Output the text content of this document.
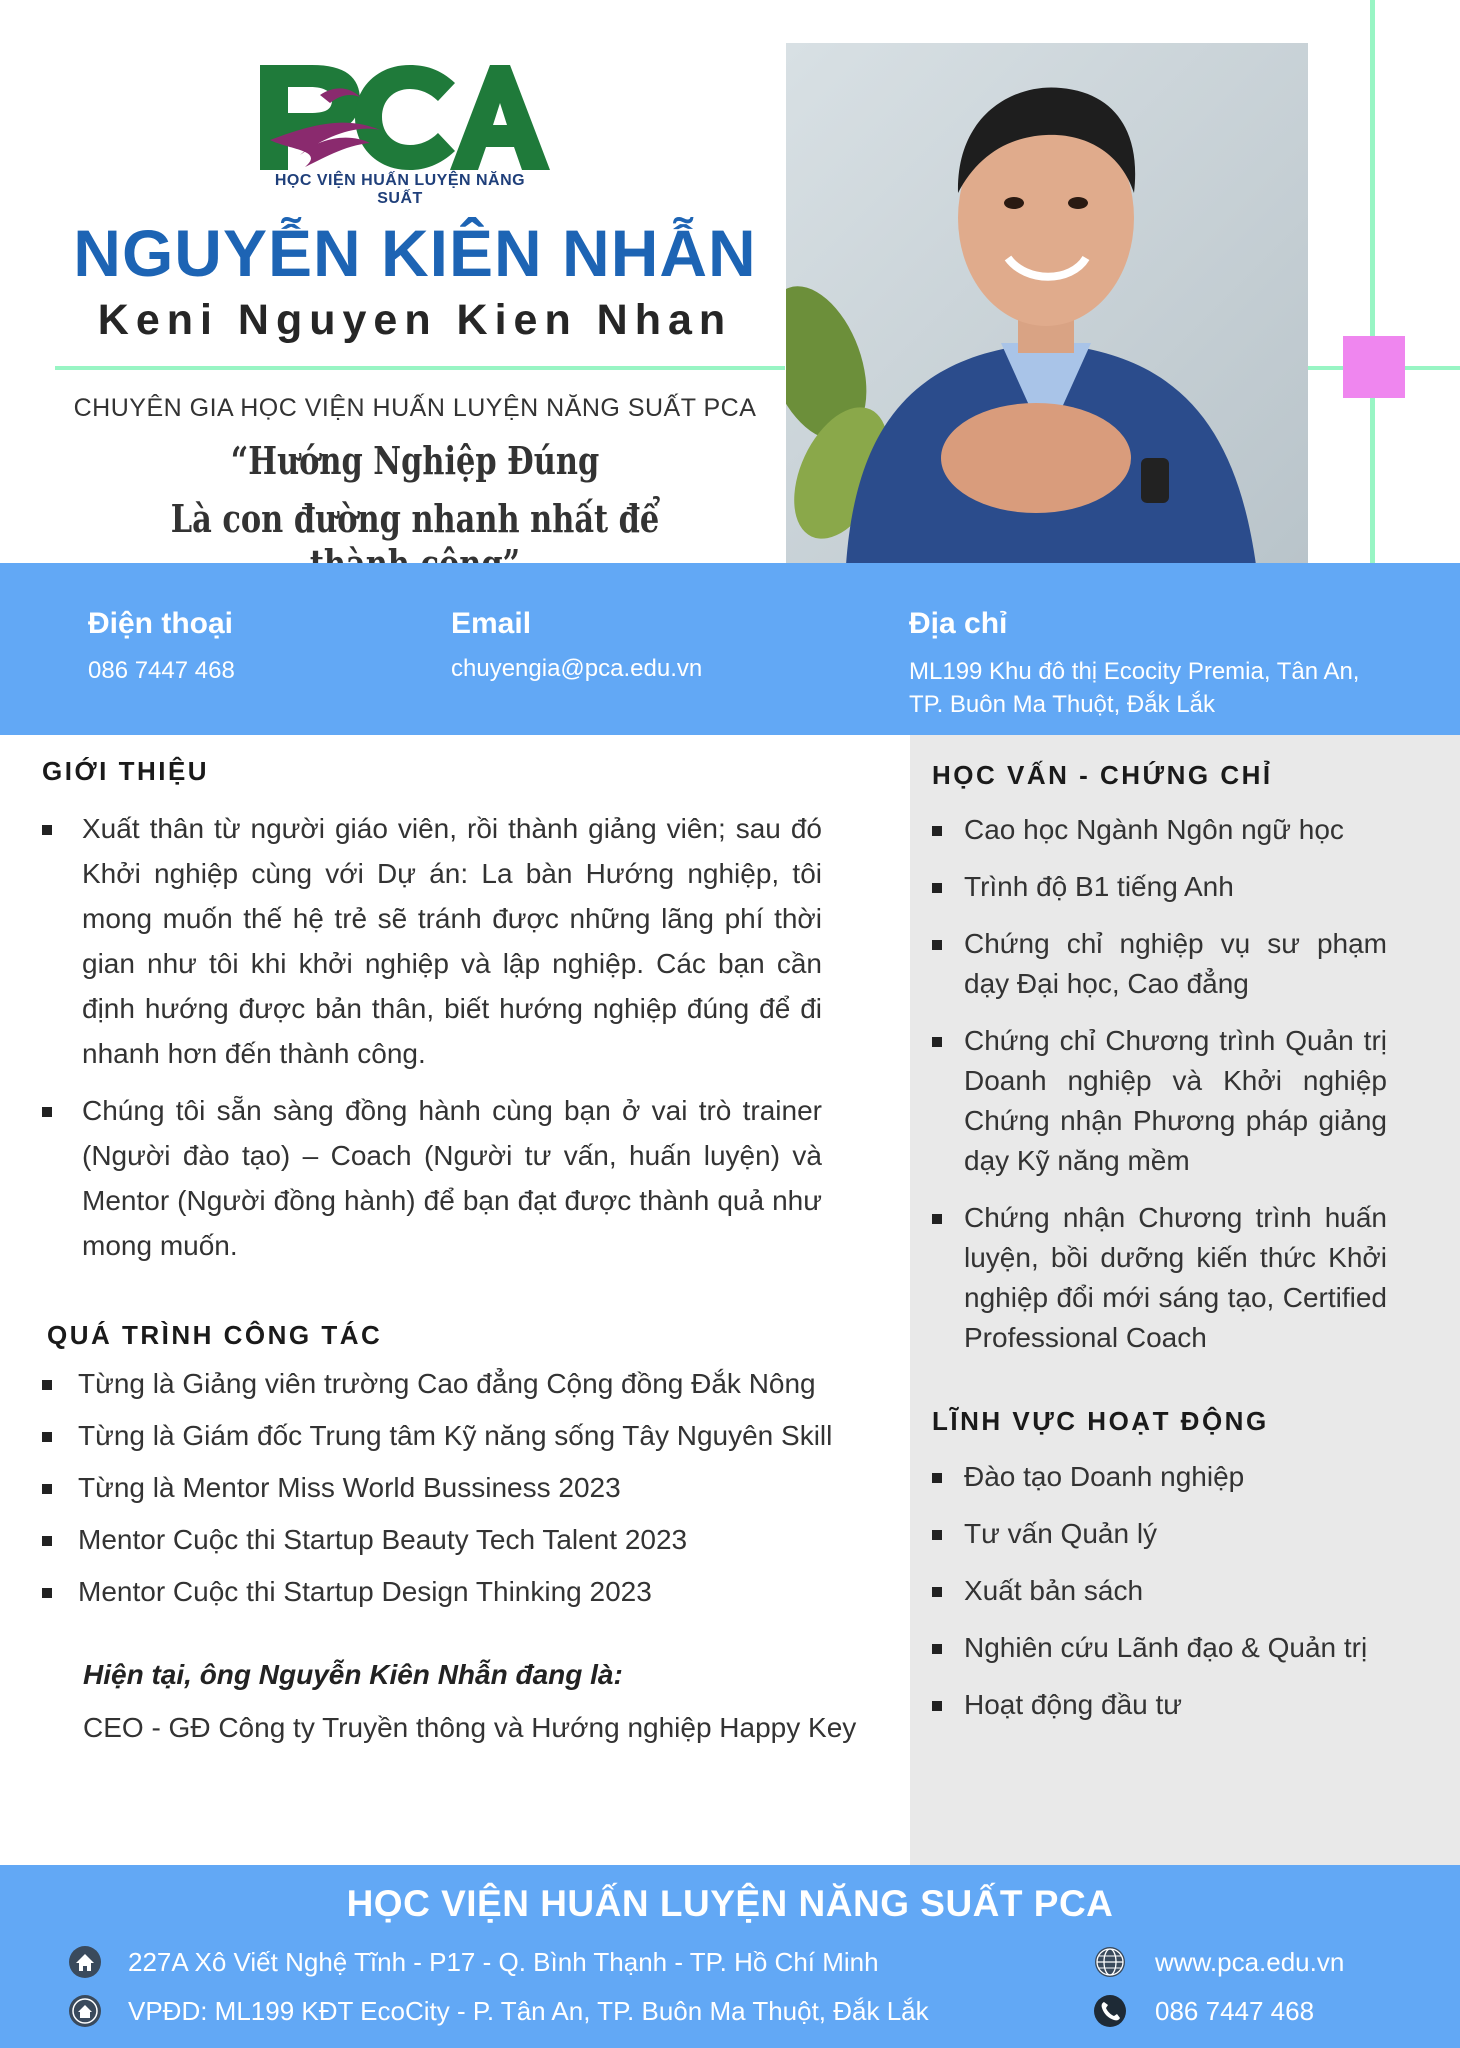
HỌC VIỆN HUẤN LUYỆN NĂNG SUẤT
NGUYỄN KIÊN NHẪN
Keni Nguyen Kien Nhan
CHUYÊN GIA HỌC VIỆN HUẤN LUYỆN NĂNG SUẤT PCA
“Hướng Nghiệp Đúng
Là con đường nhanh nhất để
Điện thoại
086 7447 468
Email
chuyengia@pca.edu.vn
Địa chỉ
ML199 Khu đô thị Ecocity Premia, Tân An,
TP. Buôn Ma Thuột, Đắk Lắk
GIỚI THIỆU
Xuất thân từ người giáo viên, rồi thành giảng viên; sau đó Khởi nghiệp cùng với Dự án: La bàn Hướng nghiệp, tôi mong muốn thế hệ trẻ sẽ tránh được những lãng phí thời gian như tôi khi khởi nghiệp và lập nghiệp. Các bạn cần định hướng được bản thân, biết hướng nghiệp đúng để đi nhanh hơn đến thành công.
Chúng tôi sẵn sàng đồng hành cùng bạn ở vai trò trainer (Người đào tạo) – Coach (Người tư vấn, huấn luyện) và Mentor (Người đồng hành) để bạn đạt được thành quả như mong muốn.
QUÁ TRÌNH CÔNG TÁC
Từng là Giảng viên trường Cao đẳng Cộng đồng Đắk Nông
Từng là Giám đốc Trung tâm Kỹ năng sống Tây Nguyên Skill
Từng là Mentor Miss World Bussiness 2023
Mentor Cuộc thi Startup Beauty Tech Talent 2023
Mentor Cuộc thi Startup Design Thinking 2023
Hiện tại, ông Nguyễn Kiên Nhẫn đang là:
CEO - GĐ Công ty Truyền thông và Hướng nghiệp Happy Key
HỌC VẤN - CHỨNG CHỈ
Cao học Ngành Ngôn ngữ học
Trình độ B1 tiếng Anh
Chứng chỉ nghiệp vụ sư phạm dạy Đại học, Cao đẳng
Chứng chỉ Chương trình Quản trị Doanh nghiệp và Khởi nghiệp Chứng nhận Phương pháp giảng dạy Kỹ năng mềm
Chứng nhận Chương trình huấn luyện, bồi dưỡng kiến thức Khởi nghiệp đổi mới sáng tạo, Certified Professional Coach
LĨNH VỰC HOẠT ĐỘNG
Đào tạo Doanh nghiệp
Tư vấn Quản lý
Xuất bản sách
Nghiên cứu Lãnh đạo & Quản trị
Hoạt động đầu tư
HỌC VIỆN HUẤN LUYỆN NĂNG SUẤT PCA
227A Xô Viết Nghệ Tĩnh - P17 - Q. Bình Thạnh - TP. Hồ Chí Minh
VPĐD: ML199 KĐT EcoCity - P. Tân An, TP. Buôn Ma Thuột, Đắk Lắk
www.pca.edu.vn
086 7447 468
